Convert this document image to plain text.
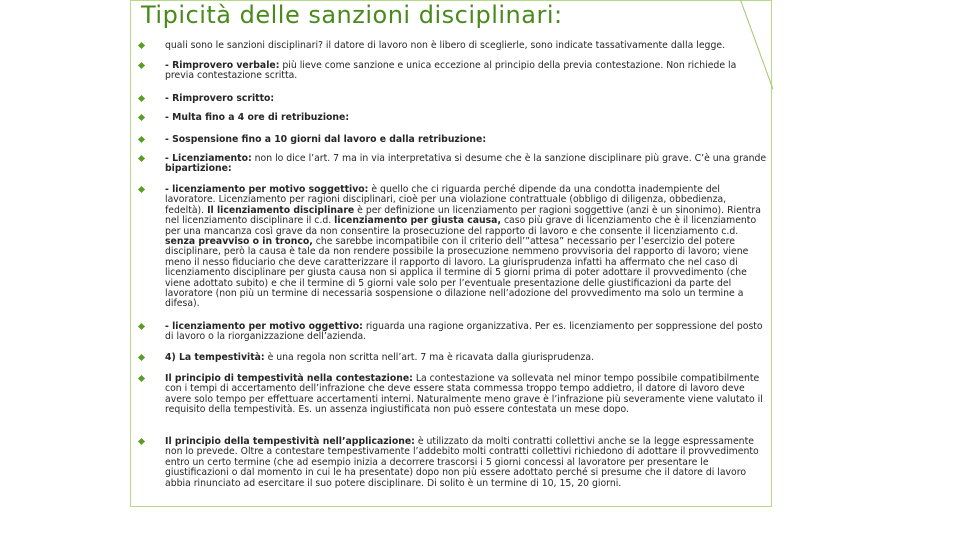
Tipicità delle sanzioni disciplinari:
quali sono le sanzioni disciplinari? il datore di lavoro non è libero di sceglierle, sono indicate tassativamente dalla legge.
- Rimprovero verbale: più lieve come sanzione e unica eccezione al principio della previa contestazione. Non richiede la previa contestazione scritta.
- Rimprovero scritto:
- Multa fino a 4 ore di retribuzione:
- Sospensione fino a 10 giorni dal lavoro e dalla retribuzione:
- Licenziamento: non lo dice l’art. 7 ma in via interpretativa si desume che è la sanzione disciplinare più grave. C’è una grande bipartizione:
- licenziamento per motivo soggettivo: è quello che ci riguarda perché dipende da una condotta inadempiente del lavoratore. Licenziamento per ragioni disciplinari, cioè per una violazione contrattuale (obbligo di diligenza, obbedienza, fedeltà). Il licenziamento disciplinare è per definizione un licenziamento per ragioni soggettive (anzi è un sinonimo). Rientra nel licenziamento disciplinare il c.d. licenziamento per giusta causa, caso più grave di licenziamento che è il licenziamento per una mancanza così grave da non consentire la prosecuzione del rapporto di lavoro e che consente il licenziamento c.d. senza preavviso o in tronco, che sarebbe incompatibile con il criterio dell’”attesa” necessario per l’esercizio del potere disciplinare, però la causa è tale da non rendere possibile la prosecuzione nemmeno provvisoria del rapporto di lavoro; viene meno il nesso fiduciario che deve caratterizzare il rapporto di lavoro. La giurisprudenza infatti ha affermato che nel caso di licenziamento disciplinare per giusta causa non si applica il termine di 5 giorni prima di poter adottare il provvedimento (che viene adottato subito) e che il termine di 5 giorni vale solo per l’eventuale presentazione delle giustificazioni da parte del lavoratore (non più un termine di necessaria sospensione o dilazione nell’adozione del provvedimento ma solo un termine a difesa).
- licenziamento per motivo oggettivo: riguarda una ragione organizzativa. Per es. licenziamento per soppressione del posto di lavoro o la riorganizzazione dell’azienda.
4) La tempestività: è una regola non scritta nell’art. 7 ma è ricavata dalla giurisprudenza.
Il principio di tempestività nella contestazione: La contestazione va sollevata nel minor tempo possibile compatibilmente con i tempi di accertamento dell’infrazione che deve essere stata commessa troppo tempo addietro, il datore di lavoro deve avere solo tempo per effettuare accertamenti interni. Naturalmente meno grave è l’infrazione più severamente viene valutato il requisito della tempestività. Es. un assenza ingiustificata non può essere contestata un mese dopo.
Il principio della tempestività nell’applicazione: è utilizzato da molti contratti collettivi anche se la legge espressamente non lo prevede. Oltre a contestare tempestivamente l’addebito molti contratti collettivi richiedono di adottare il provvedimento entro un certo termine (che ad esempio inizia a decorrere trascorsi i 5 giorni concessi al lavoratore per presentare le giustificazioni o dal momento in cui le ha presentate) dopo non più essere adottato perché si presume che il datore di lavoro abbia rinunciato ad esercitare il suo potere disciplinare. Di solito è un termine di 10, 15, 20 giorni.
